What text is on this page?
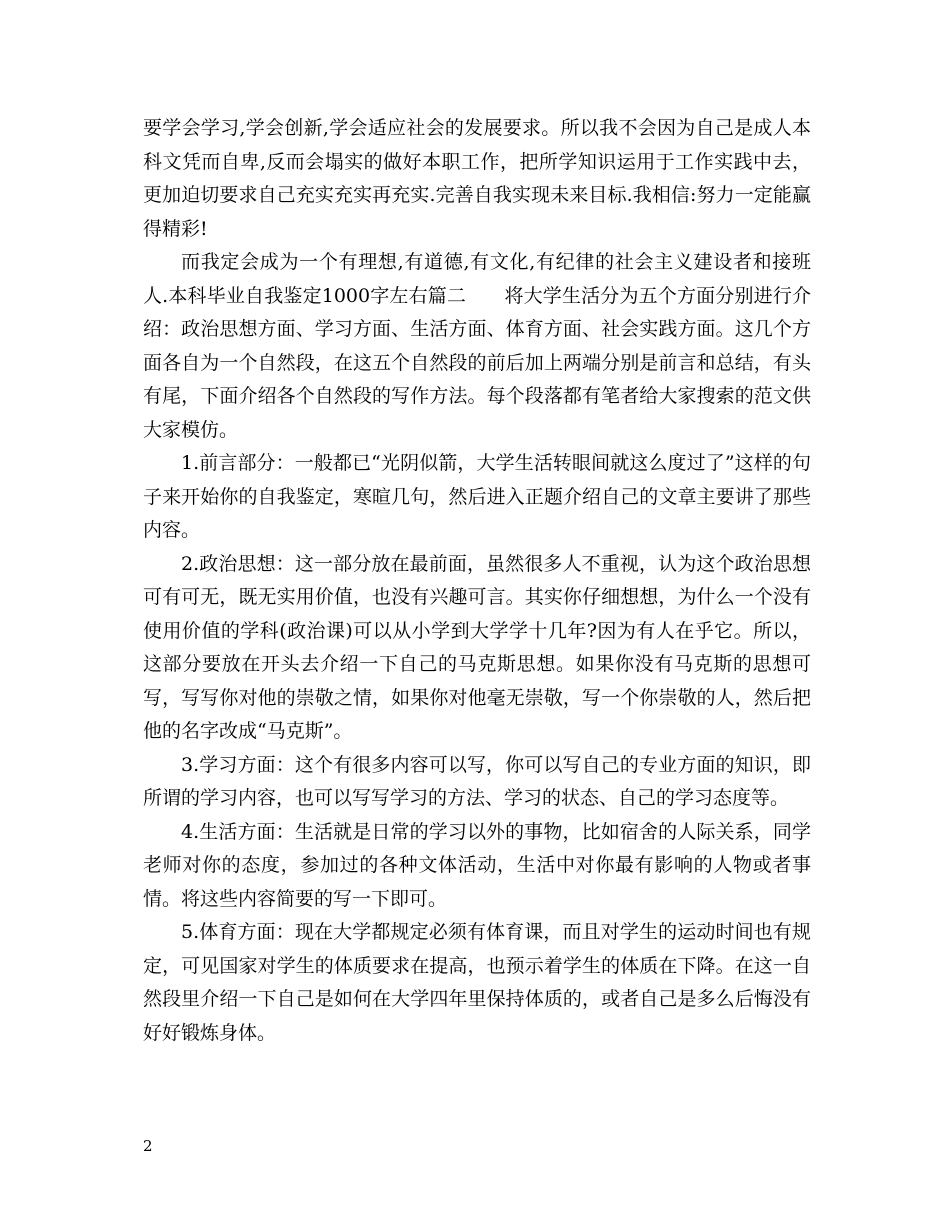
要学会学习,学会创新,学会适应社会的发展要求。所以我不会因为自己是成人本科文凭而自卑,反而会塌实的做好本职工作，把所学知识运用于工作实践中去，更加迫切要求自己充实充实再充实.完善自我实现未来目标.我相信:努力一定能赢得精彩!

而我定会成为一个有理想,有道德,有文化,有纪律的社会主义建设者和接班人.本科毕业自我鉴定1000字左右篇二　　将大学生活分为五个方面分别进行介绍：政治思想方面、学习方面、生活方面、体育方面、社会实践方面。这几个方面各自为一个自然段，在这五个自然段的前后加上两端分别是前言和总结，有头有尾，下面介绍各个自然段的写作方法。每个段落都有笔者给大家搜索的范文供大家模仿。

1.前言部分：一般都已“光阴似箭，大学生活转眼间就这么度过了”这样的句子来开始你的自我鉴定，寒暄几句，然后进入正题介绍自己的文章主要讲了那些内容。

2.政治思想：这一部分放在最前面，虽然很多人不重视，认为这个政治思想可有可无，既无实用价值，也没有兴趣可言。其实你仔细想想，为什么一个没有使用价值的学科(政治课)可以从小学到大学学十几年?因为有人在乎它。所以，这部分要放在开头去介绍一下自己的马克斯思想。如果你没有马克斯的思想可写，写写你对他的崇敬之情，如果你对他毫无崇敬，写一个你崇敬的人，然后把他的名字改成“马克斯”。

3.学习方面：这个有很多内容可以写，你可以写自己的专业方面的知识，即所谓的学习内容，也可以写写学习的方法、学习的状态、自己的学习态度等。

4.生活方面：生活就是日常的学习以外的事物，比如宿舍的人际关系，同学老师对你的态度，参加过的各种文体活动，生活中对你最有影响的人物或者事情。将这些内容简要的写一下即可。

5.体育方面：现在大学都规定必须有体育课，而且对学生的运动时间也有规定，可见国家对学生的体质要求在提高，也预示着学生的体质在下降。在这一自然段里介绍一下自己是如何在大学四年里保持体质的，或者自己是多么后悔没有好好锻炼身体。

2
